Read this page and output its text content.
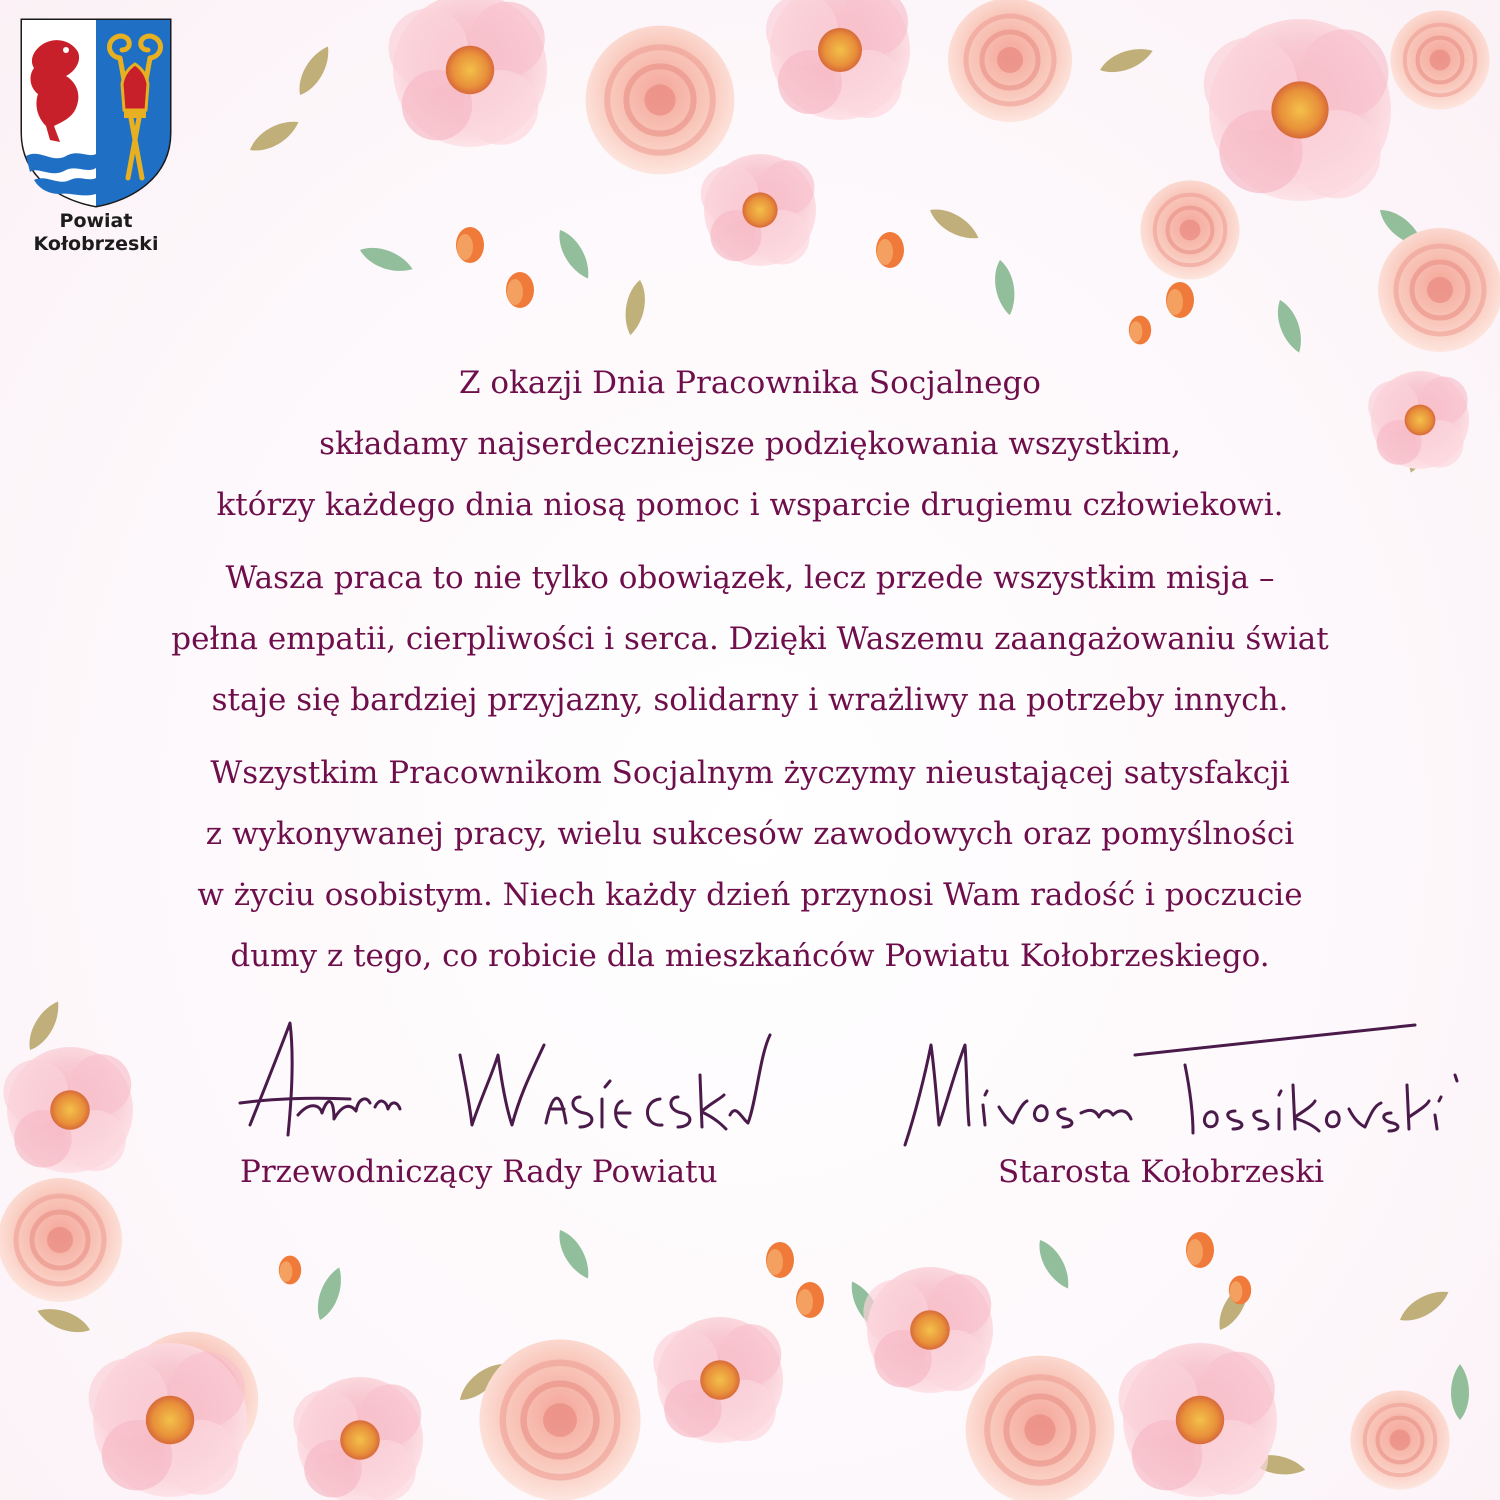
Powiat
Kołobrzeski

Z okazji Dnia Pracownika Socjalnego

składamy najserdeczniejsze podziękowania wszystkim,

którzy każdego dnia niosą pomoc i wsparcie drugiemu człowiekowi.

Wasza praca to nie tylko obowiązek, lecz przede wszystkim misja –

pełna empatii, cierpliwości i serca. Dzięki Waszemu zaangażowaniu świat

staje się bardziej przyjazny, solidarny i wrażliwy na potrzeby innych.

Wszystkim Pracownikom Socjalnym życzymy nieustającej satysfakcji

z wykonywanej pracy, wielu sukcesów zawodowych oraz pomyślności

w życiu osobistym. Niech każdy dzień przynosi Wam radość i poczucie

dumy z tego, co robicie dla mieszkańców Powiatu Kołobrzeskiego.

Przewodniczący Rady Powiatu	Starosta Kołobrzeski
